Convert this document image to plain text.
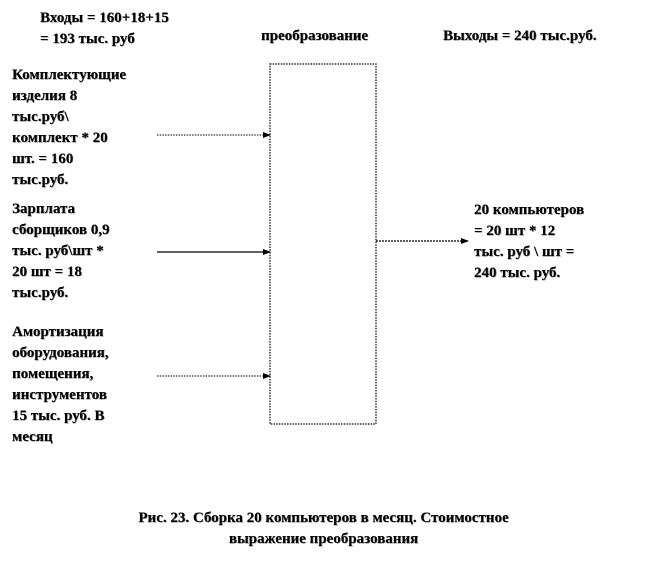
Входы = 160+18+15
= 193 тыс. руб	преобразование	Выходы = 240 тыс.руб.
Комплектующие
изделия 8
тыс.руб\
комплект * 20
шт. = 160
тыс.руб.
Зарплата
сборщиков 0,9
тыс. руб\шт *
20 шт = 18
тыс.руб.
Амортизация
оборудования,
помещения,
инструментов
15 тыс. руб. В
месяц
20 компьютеров
= 20 шт * 12
тыс. руб \ шт =
240 тыс. руб.
Рис. 23. Сборка 20 компьютеров в месяц. Стоимостное
выражение преобразования
